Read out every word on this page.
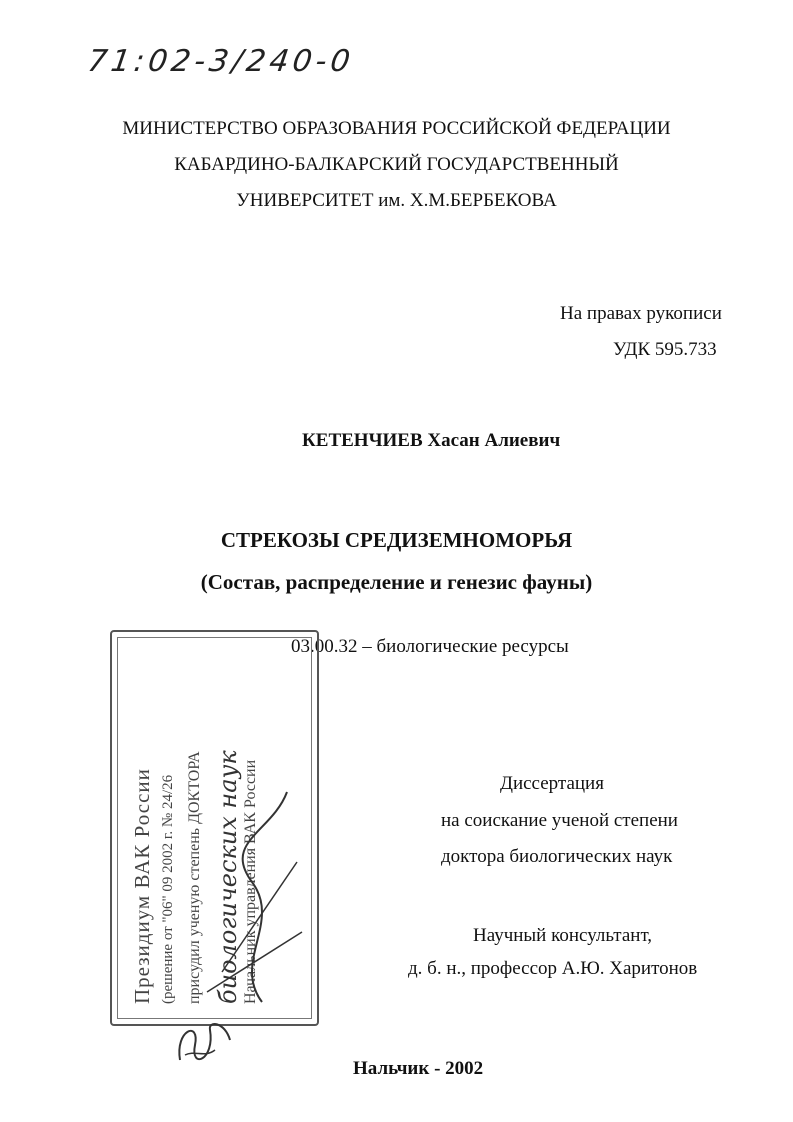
71:02-3/240-0
МИНИСТЕРСТВО ОБРАЗОВАНИЯ РОССИЙСКОЙ ФЕДЕРАЦИИ
КАБАРДИНО-БАЛКАРСКИЙ ГОСУДАРСТВЕННЫЙ
УНИВЕРСИТЕТ им. Х.М.БЕРБЕКОВА
На правах рукописи
УДК 595.733
КЕТЕНЧИЕВ Хасан Алиевич
СТРЕКОЗЫ СРЕДИЗЕМНОМОРЬЯ
(Состав, распределение и генезис фауны)
03.00.32 – биологические ресурсы
Диссертация
на соискание ученой степени
доктора биологических наук
Научный консультант,
д. б. н., профессор А.Ю. Харитонов
Нальчик - 2002
Президиум ВАК России (решение от "06" 09 2002 г. № 24/26 присудил ученую степень ДОКТОРА биологических наук Начальник управления ВАК России
